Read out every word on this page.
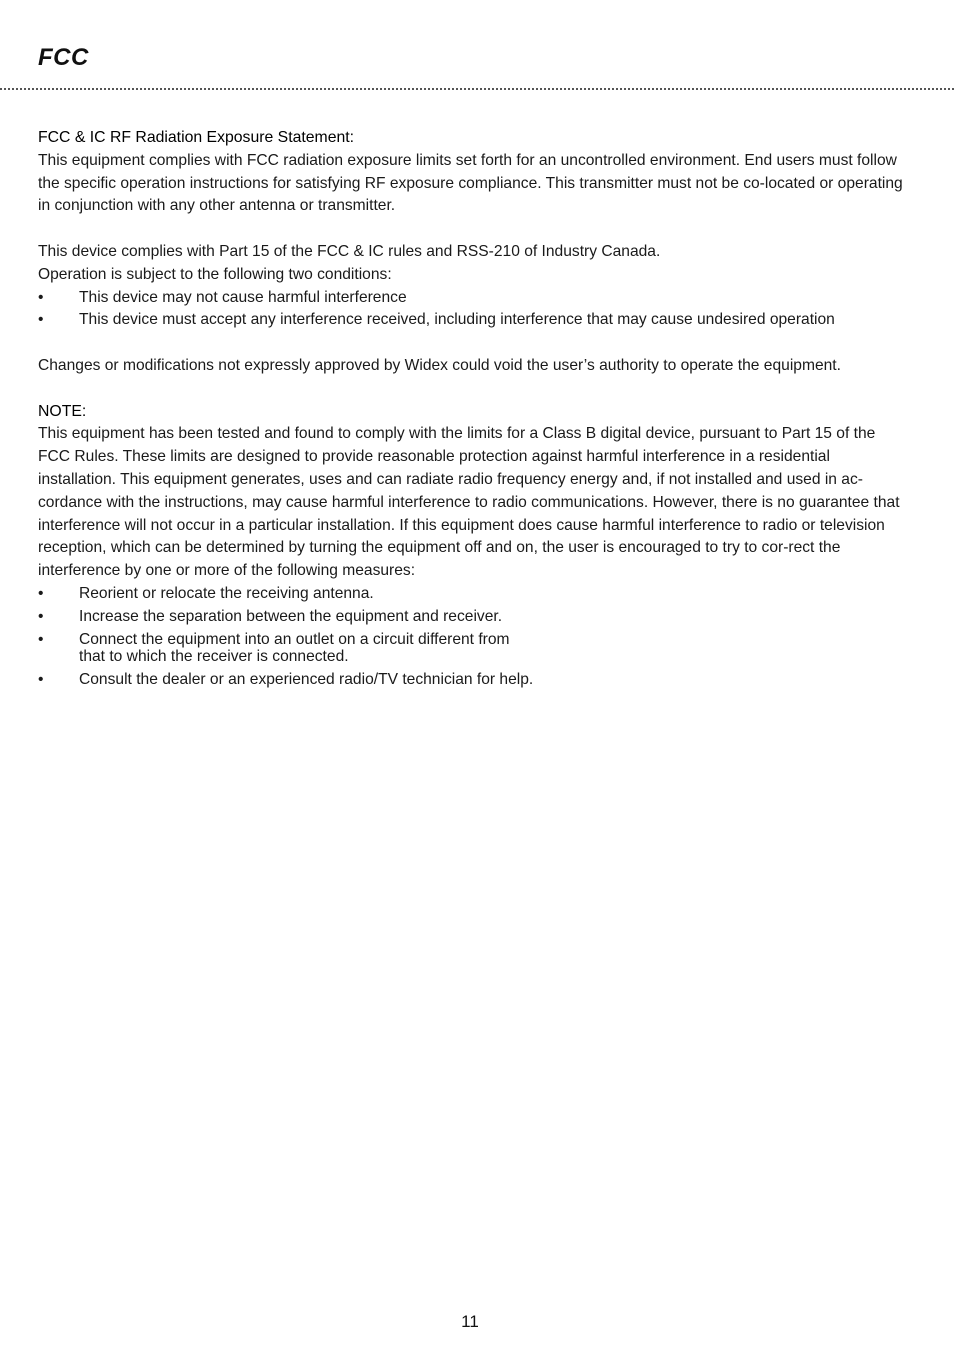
FCC

FCC & IC RF Radiation Exposure Statement:

This equipment complies with FCC radiation exposure limits set forth for an uncontrolled environment. End users must follow the specific operation instructions for satisfying RF exposure compliance. This transmitter must not be co-located or operating in conjunction with any other antenna or transmitter.

This device complies with Part 15 of the FCC & IC rules and RSS-210 of Industry Canada.

Operation is subject to the following two conditions:

• This device may not cause harmful interference
• This device must accept any interference received, including interference that may cause undesired operation

Changes or modifications not expressly approved by Widex could void the user’s authority to operate the equipment.

NOTE:

This equipment has been tested and found to comply with the limits for a Class B digital device, pursuant to Part 15 of the FCC Rules. These limits are designed to provide reasonable protection against harmful interference in a residential installation. This equipment generates, uses and can radiate radio frequency energy and, if not installed and used in ac-cordance with the instructions, may cause harmful interference to radio communications. However, there is no guarantee that interference will not occur in a particular installation. If this equipment does cause harmful interference to radio or television reception, which can be determined by turning the equipment off and on, the user is encouraged to try to cor-rect the interference by one or more of the following measures:

• Reorient or relocate the receiving antenna.
• Increase the separation between the equipment and receiver.
• Connect the equipment into an outlet on a circuit different from
that to which the receiver is connected.
• Consult the dealer or an experienced radio/TV technician for help.
11
